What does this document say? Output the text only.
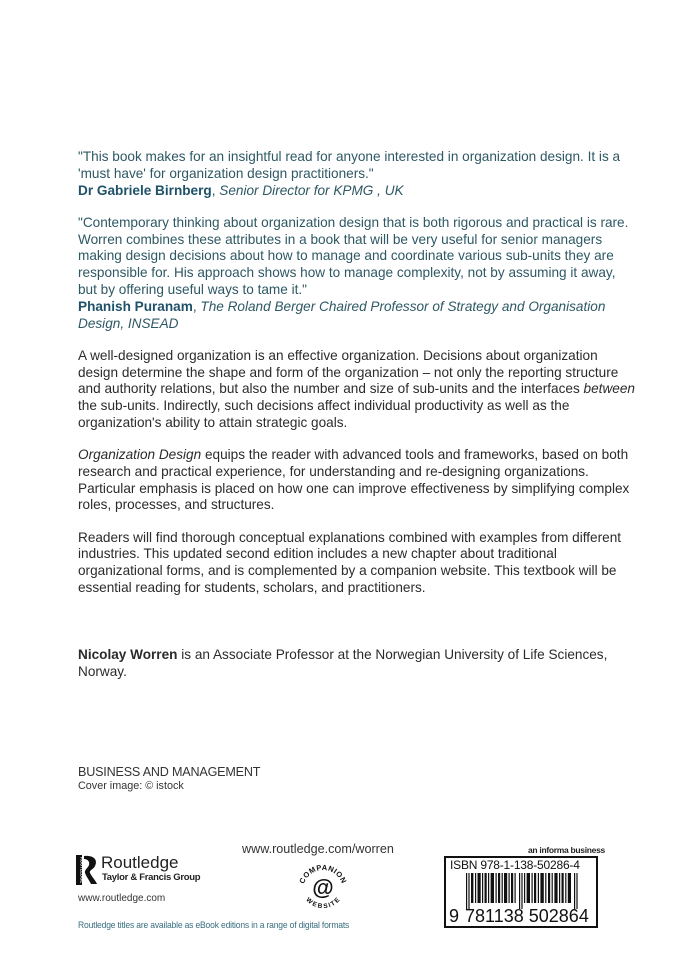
"This book makes for an insightful read for anyone interested in organization design. It is a 'must have' for organization design practitioners."
Dr Gabriele Birnberg, Senior Director for KPMG , UK
"Contemporary thinking about organization design that is both rigorous and practical is rare. Worren combines these attributes in a book that will be very useful for senior managers making design decisions about how to manage and coordinate various sub-units they are responsible for. His approach shows how to manage complexity, not by assuming it away, but by offering useful ways to tame it."
Phanish Puranam, The Roland Berger Chaired Professor of Strategy and Organisation Design, INSEAD

A well-designed organization is an effective organization. Decisions about organization design determine the shape and form of the organization – not only the reporting structure and authority relations, but also the number and size of sub-units and the interfaces between the sub-units. Indirectly, such decisions affect individual productivity as well as the organization's ability to attain strategic goals.

Organization Design equips the reader with advanced tools and frameworks, based on both research and practical experience, for understanding and re-designing organizations. Particular emphasis is placed on how one can improve effectiveness by simplifying complex roles, processes, and structures.

Readers will find thorough conceptual explanations combined with examples from different industries. This updated second edition includes a new chapter about traditional organizational forms, and is complemented by a companion website. This textbook will be essential reading for students, scholars, and practitioners.

Nicolay Worren is an Associate Professor at the Norwegian University of Life Sciences, Norway.
BUSINESS AND MANAGEMENT
Cover image: © istock
ROUTLEDGE Routledge
Taylor & Francis Group
www.routledge.com
Routledge titles are available as eBook editions in a range of digital formats
www.routledge.com/worren
COMPANION
@
WEBSITE
an informa business
ISBN 978-1-138-50286-4
9 781138 502864
